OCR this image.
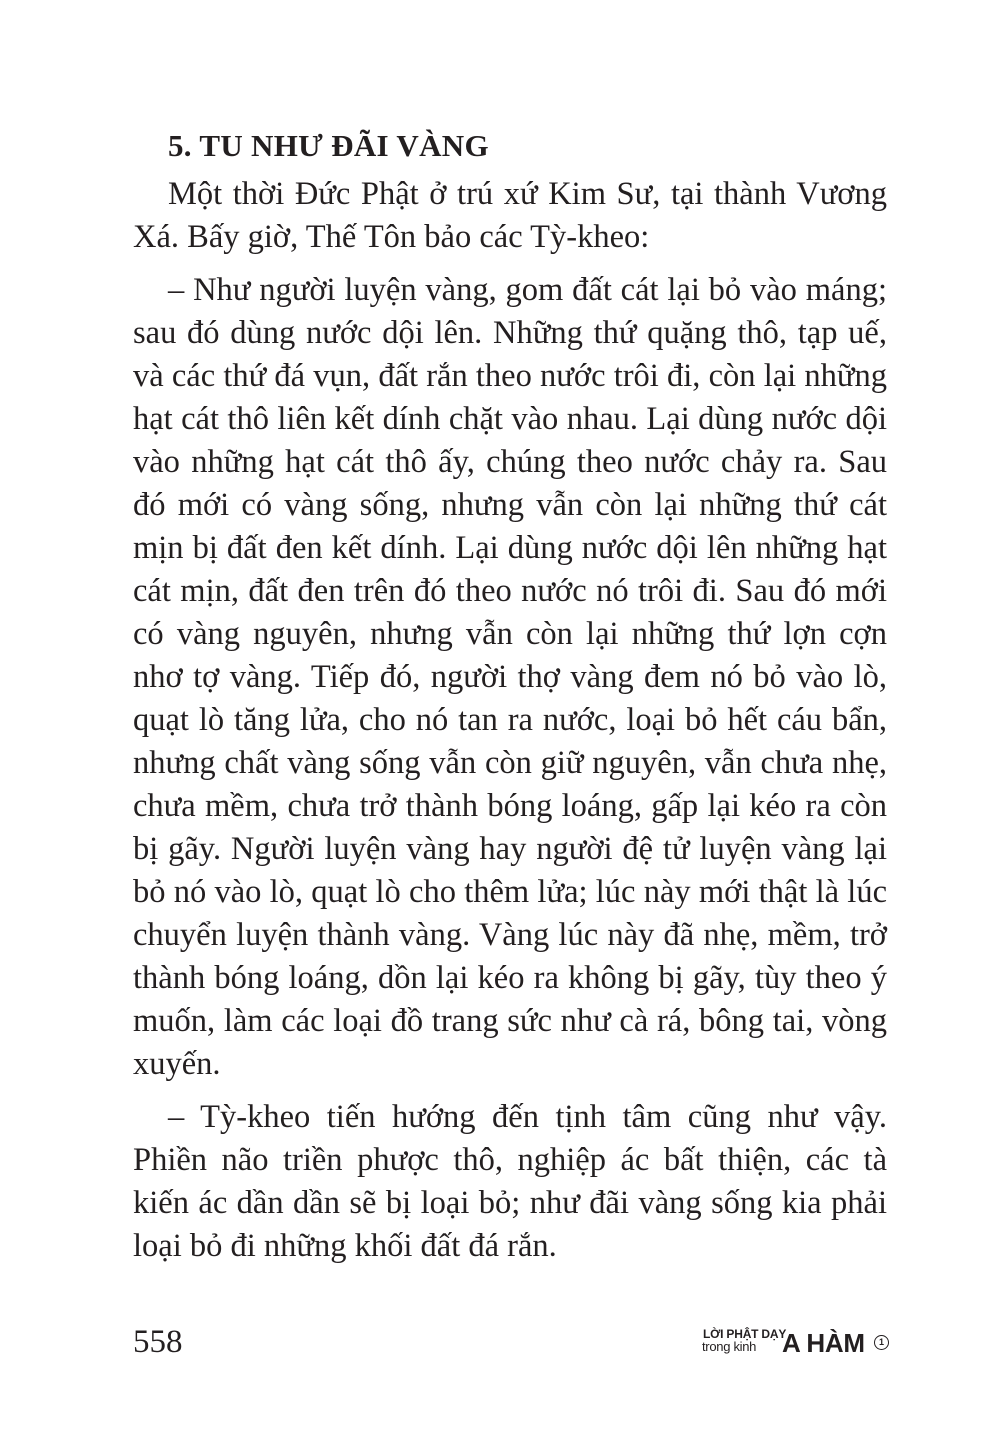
5. TU NHƯ ĐÃI VÀNG

Một thời Đức Phật ở trú xứ Kim Sư, tại thành Vương Xá. Bấy giờ, Thế Tôn bảo các Tỳ-kheo:

– Như người luyện vàng, gom đất cát lại bỏ vào máng; sau đó dùng nước dội lên. Những thứ quặng thô, tạp uế, và các thứ đá vụn, đất rắn theo nước trôi đi, còn lại những hạt cát thô liên kết dính chặt vào nhau. Lại dùng nước dội vào những hạt cát thô ấy, chúng theo nước chảy ra. Sau đó mới có vàng sống, nhưng vẫn còn lại những thứ cát mịn bị đất đen kết dính. Lại dùng nước dội lên những hạt cát mịn, đất đen trên đó theo nước nó trôi đi. Sau đó mới có vàng nguyên, nhưng vẫn còn lại những thứ lợn cợn nhơ tợ vàng. Tiếp đó, người thợ vàng đem nó bỏ vào lò, quạt lò tăng lửa, cho nó tan ra nước, loại bỏ hết cáu bẩn, nhưng chất vàng sống vẫn còn giữ nguyên, vẫn chưa nhẹ, chưa mềm, chưa trở thành bóng loáng, gấp lại kéo ra còn bị gãy. Người luyện vàng hay người đệ tử luyện vàng lại bỏ nó vào lò, quạt lò cho thêm lửa; lúc này mới thật là lúc chuyển luyện thành vàng. Vàng lúc này đã nhẹ, mềm, trở thành bóng loáng, dồn lại kéo ra không bị gãy, tùy theo ý muốn, làm các loại đồ trang sức như cà rá, bông tai, vòng xuyến.

– Tỳ-kheo tiến hướng đến tịnh tâm cũng như vậy. Phiền não triền phược thô, nghiệp ác bất thiện, các tà kiến ác dần dần sẽ bị loại bỏ; như đãi vàng sống kia phải loại bỏ đi những khối đất đá rắn.

558	LỜI PHẬT DẠY
trong kinh A HÀM	1
